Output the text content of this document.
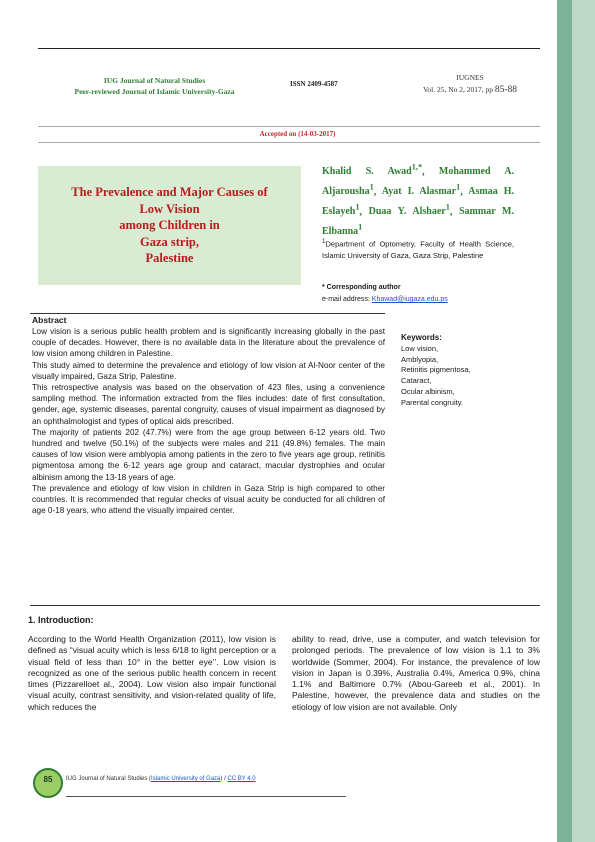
IUG Journal of Natural Studies
Peer-reviewed Journal of Islamic University-Gaza
ISSN 2409-4587
IUGNES
Vol. 25, No 2, 2017, pp 85-88
Accepted on (14-03-2017)
The Prevalence and Major Causes of
Low Vision
among Children in
Gaza strip,
Palestine
Khalid S. Awad$^{1,*}$, Mohammed A. Aljarousha$^1$, Ayat I. Alasmar$^1$, Asmaa H. Eslayeh$^1$, Duaa Y. Alshaer$^1$, Sammar M. Elbanna$^1$
$^1$Department of Optometry, Faculty of Health Science, Islamic University of Gaza, Gaza Strip, Palestine
* Corresponding author
e-mail address: Khawad@iugaza.edu.ps
Abstract

Low vision is a serious public health problem and is significantly increasing globally in the past couple of decades. However, there is no available data in the literature about the prevalence of low vision among children in Palestine.

This study aimed to determine the prevalence and etiology of low vision at Al-Noor center of the visually impaired, Gaza Strip, Palestine.

This retrospective analysis was based on the observation of 423 files, using a convenience sampling method. The information extracted from the files includes: date of first consultation, gender, age, systemic diseases, parental congruity, causes of visual impairment as diagnosed by an ophthalmologist and types of optical aids prescribed.

The majority of patients 202 (47.7%) were from the age group between 6-12 years old. Two hundred and twelve (50.1%) of the subjects were males and 211 (49.8%) females. The main causes of low vision were amblyopia among patients in the zero to five years age group, retinitis pigmentosa among the 6-12 years age group and cataract, macular dystrophies and ocular albinism among the 13-18 years of age.

The prevalence and etiology of low vision in children in Gaza Strip is high compared to other countries. It is recommended that regular checks of visual acuity be conducted for all children of age 0-18 years, who attend the visually impaired center.

Keywords:
Low vision,
Amblyopia,
Retinitis pigmentosa,
Cataract,
Ocular albinism,
Parental congruity.
1. Introduction:
According to the World Health Organization (2011), low vision is defined as “visual acuity which is less 6/18 to light perception or a visual field of less than 10° in the better eye’’. Low vision is recognized as one of the serious public health concern in recent times (Pizzarelloet al., 2004). Low vision also impair functional visual acuity, contrast sensitivity, and vision-related quality of life, which reduces the
ability to read, drive, use a computer, and watch television for prolonged periods. The prevalence of low vision is 1.1 to 3% worldwide (Sommer, 2004). For instance, the prevalence of low vision in Japan is 0.39%, Australia 0.4%, America 0.9%, china 1.1% and Baltimore 0.7% (Abou-Gareeb et al., 2001). In Palestine, however, the prevalence data and studies on the etiology of low vision are not available. Only
85	IUG Journal of Natural Studies (Islamic University of Gaza) / CC BY 4.0
